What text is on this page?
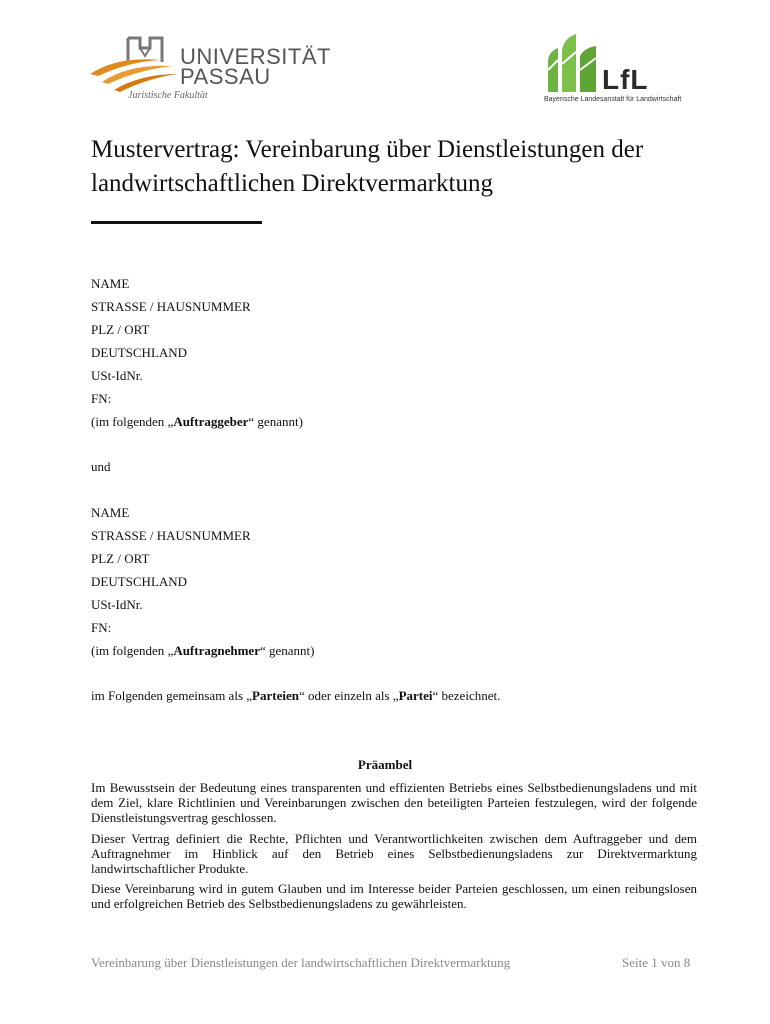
UNIVERSITÄT
PASSAU
Juristische Fakultät
LfL
Bayerische Landesanstalt für Landwirtschaft
Mustervertrag: Vereinbarung über Dienstleistungen der landwirtschaftlichen Direktvermarktung
NAME
STRASSE / HAUSNUMMER
PLZ / ORT
DEUTSCHLAND
USt-IdNr.
FN:
(im folgenden „Auftraggeber“ genannt)
und
NAME
STRASSE / HAUSNUMMER
PLZ / ORT
DEUTSCHLAND
USt-IdNr.
FN:
(im folgenden „Auftragnehmer“ genannt)
im Folgenden gemeinsam als „Parteien“ oder einzeln als „Partei“ bezeichnet.
Präambel
Im Bewusstsein der Bedeutung eines transparenten und effizienten Betriebs eines Selbstbedienungsladens und mit dem Ziel, klare Richtlinien und Vereinbarungen zwischen den beteiligten Parteien festzulegen, wird der folgende Dienstleistungsvertrag geschlossen.
Dieser Vertrag definiert die Rechte, Pflichten und Verantwortlichkeiten zwischen dem Auftraggeber und dem Auftragnehmer im Hinblick auf den Betrieb eines Selbstbedienungsladens zur Direktvermarktung landwirtschaftlicher Produkte.
Diese Vereinbarung wird in gutem Glauben und im Interesse beider Parteien geschlossen, um einen reibungslosen und erfolgreichen Betrieb des Selbstbedienungsladens zu gewährleisten.
Vereinbarung über Dienstleistungen der landwirtschaftlichen Direktvermarktung	Seite 1 von 8
